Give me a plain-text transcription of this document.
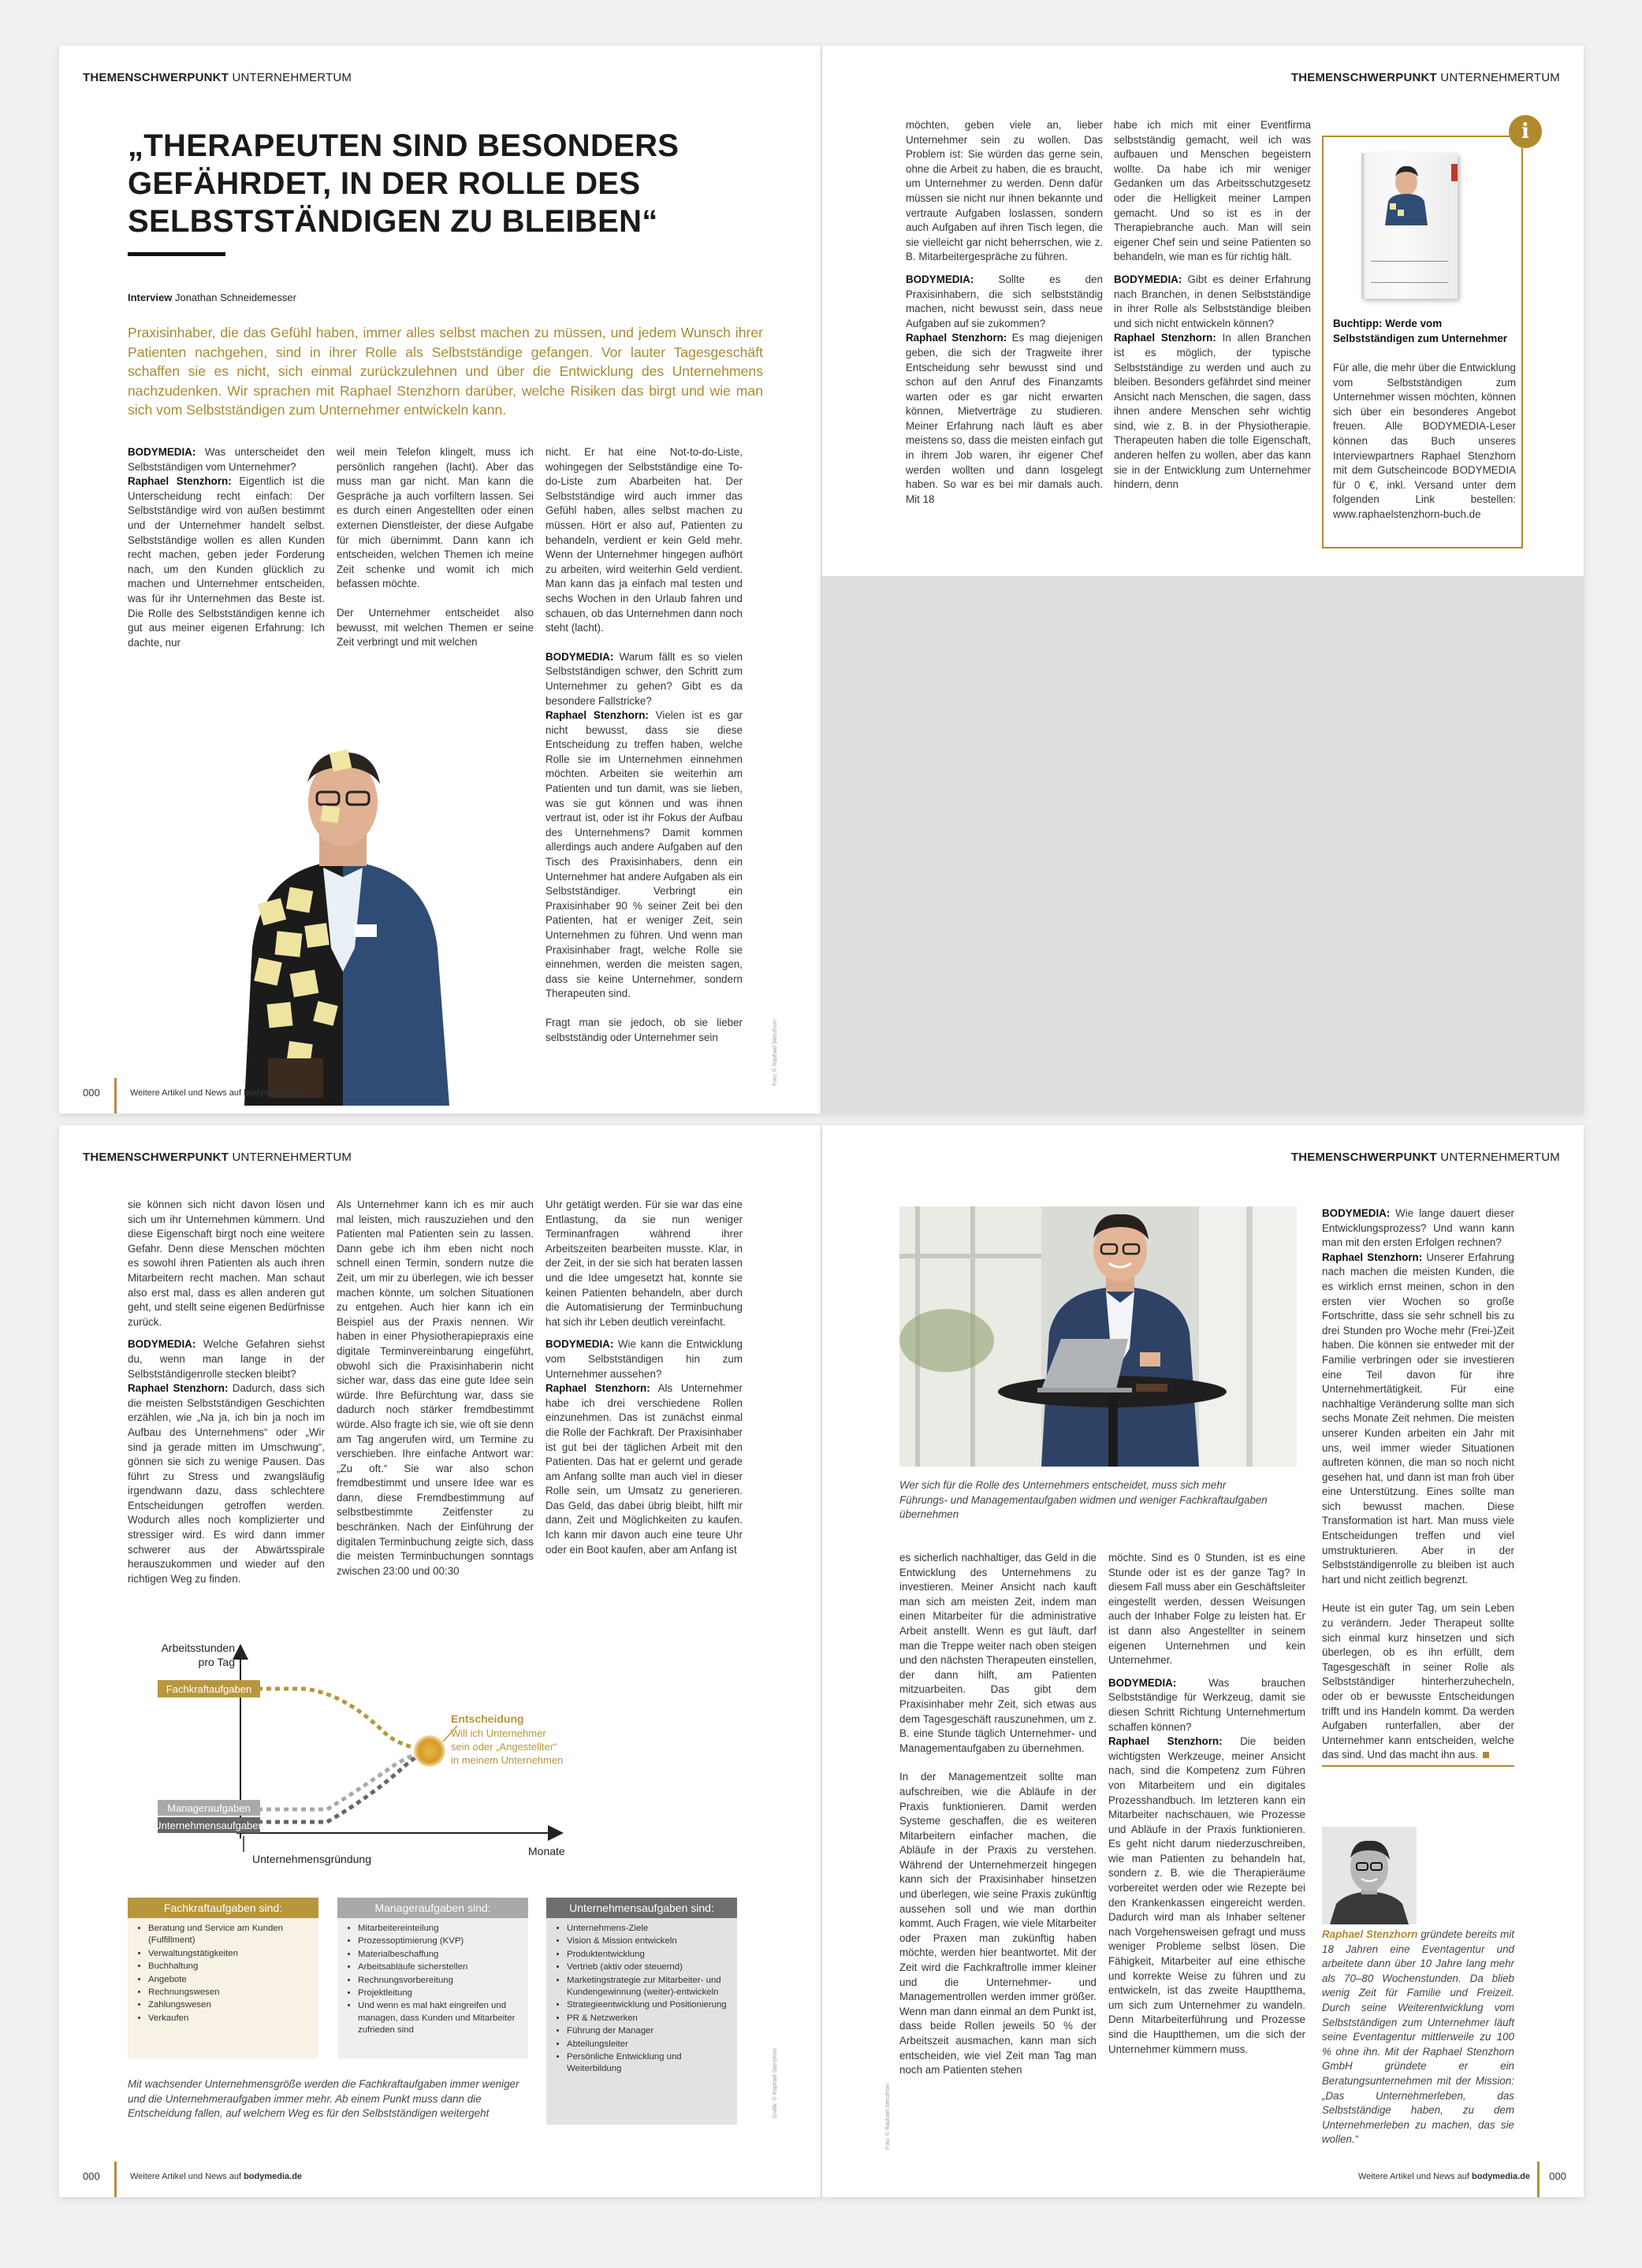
THEMENSCHWERPUNKT UNTERNEHMERTUM
„THERAPEUTEN SIND BESONDERS GEFÄHRDET, IN DER ROLLE DES SELBSTSTÄNDIGEN ZU BLEIBEN“
Interview Jonathan Schneidemesser
Praxisinhaber, die das Gefühl haben, immer alles selbst machen zu müssen, und jedem Wunsch ihrer Patienten nachgehen, sind in ihrer Rolle als Selbstständige gefangen. Vor lauter Tagesgeschäft schaffen sie es nicht, sich einmal zurückzulehnen und über die Entwicklung des Unternehmens nachzudenken. Wir sprachen mit Raphael Stenzhorn darüber, welche Risiken das birgt und wie man sich vom Selbstständigen zum Unternehmer entwickeln kann.

BODYMEDIA: Was unterscheidet den Selbstständigen vom Unternehmer?
Raphael Stenzhorn: Eigentlich ist die Unterscheidung recht einfach: Der Selbstständige wird von außen bestimmt und der Unternehmer handelt selbst. Selbstständige wollen es allen Kunden recht machen, geben jeder Forderung nach, um den Kunden glücklich zu machen und Unternehmer entscheiden, was für ihr Unternehmen das Beste ist. Die Rolle des Selbstständigen kenne ich gut aus meiner eigenen Erfahrung: Ich dachte, nur

weil mein Telefon klingelt, muss ich persönlich rangehen (lacht). Aber das muss man gar nicht. Man kann die Gespräche ja auch vorfiltern lassen. Sei es durch einen Angestellten oder einen externen Dienstleister, der diese Aufgabe für mich übernimmt. Dann kann ich entscheiden, welchen Themen ich meine Zeit schenke und womit ich mich befassen möchte.

Der Unternehmer entscheidet also bewusst, mit welchen Themen er seine Zeit verbringt und mit welchen

nicht. Er hat eine Not-to-do-Liste, wohingegen der Selbstständige eine To-do-Liste zum Abarbeiten hat. Der Selbstständige wird auch immer das Gefühl haben, alles selbst machen zu müssen. Hört er also auf, Patienten zu behandeln, verdient er kein Geld mehr. Wenn der Unternehmer hingegen aufhört zu arbeiten, wird weiterhin Geld verdient. Man kann das ja einfach mal testen und sechs Wochen in den Urlaub fahren und schauen, ob das Unternehmen dann noch steht (lacht).

BODYMEDIA: Warum fällt es so vielen Selbstständigen schwer, den Schritt zum Unternehmer zu gehen? Gibt es da besondere Fallstricke?
Raphael Stenzhorn: Vielen ist es gar nicht bewusst, dass sie diese Entscheidung zu treffen haben, welche Rolle sie im Unternehmen einnehmen möchten. Arbeiten sie weiterhin am Patienten und tun damit, was sie lieben, was sie gut können und was ihnen vertraut ist, oder ist ihr Fokus der Aufbau des Unternehmens? Damit kommen allerdings auch andere Aufgaben auf den Tisch des Praxisinhabers, denn ein Unternehmer hat andere Aufgaben als ein Selbstständiger. Verbringt ein Praxisinhaber 90 % seiner Zeit bei den Patienten, hat er weniger Zeit, sein Unternehmen zu führen. Und wenn man Praxisinhaber fragt, welche Rolle sie einnehmen, werden die meisten sagen, dass sie keine Unternehmer, sondern Therapeuten sind.

Fragt man sie jedoch, ob sie lieber selbstständig oder Unternehmer sein	Foto: © Raphael Stenzhorn
000	Weitere Artikel und News auf bodymedia.de
THEMENSCHWERPUNKT UNTERNEHMERTUM

möchten, geben viele an, lieber Unternehmer sein zu wollen. Das Problem ist: Sie würden das gerne sein, ohne die Arbeit zu haben, die es braucht, um Unternehmer zu werden. Denn dafür müssen sie nicht nur ihnen bekannte und vertraute Aufgaben loslassen, sondern auch Aufgaben auf ihren Tisch legen, die sie vielleicht gar nicht beherrschen, wie z. B. Mitarbeitergespräche zu führen.

BODYMEDIA: Sollte es den Praxisinhabern, die sich selbstständig machen, nicht bewusst sein, dass neue Aufgaben auf sie zukommen?
Raphael Stenzhorn: Es mag diejenigen geben, die sich der Tragweite ihrer Entscheidung sehr bewusst sind und schon auf den Anruf des Finanzamts warten oder es gar nicht erwarten können, Mietverträge zu studieren. Meiner Erfahrung nach läuft es aber meistens so, dass die meisten einfach gut in ihrem Job waren, ihr eigener Chef werden wollten und dann losgelegt haben. So war es bei mir damals auch. Mit 18

habe ich mich mit einer Eventfirma selbstständig gemacht, weil ich was aufbauen und Menschen begeistern wollte. Da habe ich mir weniger Gedanken um das Arbeitsschutzgesetz oder die Helligkeit meiner Lampen gemacht. Und so ist es in der Therapiebranche auch. Man will sein eigener Chef sein und seine Patienten so behandeln, wie man es für richtig hält.

BODYMEDIA: Gibt es deiner Erfahrung nach Branchen, in denen Selbstständige in ihrer Rolle als Selbstständige bleiben und sich nicht entwickeln können?
Raphael Stenzhorn: In allen Branchen ist es möglich, der typische Selbstständige zu werden und auch zu bleiben. Besonders gefährdet sind meiner Ansicht nach Menschen, die sagen, dass ihnen andere Menschen sehr wichtig sind, wie z. B. in der Physiotherapie. Therapeuten haben die tolle Eigenschaft, anderen helfen zu wollen, aber das kann sie in der Entwicklung zum Unternehmer hindern, denn

i
Buchtipp: Werde vom Selbstständigen zum Unternehmer
Für alle, die mehr über die Entwicklung vom Selbstständigen zum Unternehmer wissen möchten, können sich über ein besonderes Angebot freuen. Alle BODYMEDIA-Leser können das Buch unseres Interviewpartners Raphael Stenzhorn mit dem Gutscheincode BODYMEDIA für 0 €, inkl. Versand unter dem folgenden Link bestellen: www.raphaelstenzhorn-buch.de
THEMENSCHWERPUNKT UNTERNEHMERTUM

sie können sich nicht davon lösen und sich um ihr Unternehmen kümmern. Und diese Eigenschaft birgt noch eine weitere Gefahr. Denn diese Menschen möchten es sowohl ihren Patienten als auch ihren Mitarbeitern recht machen. Man schaut also erst mal, dass es allen anderen gut geht, und stellt seine eigenen Bedürfnisse zurück.

BODYMEDIA: Welche Gefahren siehst du, wenn man lange in der Selbstständigenrolle stecken bleibt?
Raphael Stenzhorn: Dadurch, dass sich die meisten Selbstständigen Geschichten erzählen, wie „Na ja, ich bin ja noch im Aufbau des Unternehmens“ oder „Wir sind ja gerade mitten im Umschwung“, gönnen sie sich zu wenige Pausen. Das führt zu Stress und zwangsläufig irgendwann dazu, dass schlechtere Entscheidungen getroffen werden. Wodurch alles noch komplizierter und stressiger wird. Es wird dann immer schwerer aus der Abwärtsspirale herauszukommen und wieder auf den richtigen Weg zu finden.

Als Unternehmer kann ich es mir auch mal leisten, mich rauszuziehen und den Patienten mal Patienten sein zu lassen. Dann gebe ich ihm eben nicht noch schnell einen Termin, sondern nutze die Zeit, um mir zu überlegen, wie ich besser machen könnte, um solchen Situationen zu entgehen. Auch hier kann ich ein Beispiel aus der Praxis nennen. Wir haben in einer Physiotherapiepraxis eine digitale Terminvereinbarung eingeführt, obwohl sich die Praxisinhaberin nicht sicher war, dass das eine gute Idee sein würde. Ihre Befürchtung war, dass sie dadurch noch stärker fremdbestimmt würde. Also fragte ich sie, wie oft sie denn am Tag angerufen wird, um Termine zu verschieben. Ihre einfache Antwort war: „Zu oft.“ Sie war also schon fremdbestimmt und unsere Idee war es dann, diese Fremdbestimmung auf selbstbestimmte Zeitfenster zu beschränken. Nach der Einführung der digitalen Terminbuchung zeigte sich, dass die meisten Terminbuchungen sonntags zwischen 23:00 und 00:30

Uhr getätigt werden. Für sie war das eine Entlastung, da sie nun weniger Terminanfragen während ihrer Arbeitszeiten bearbeiten musste. Klar, in der Zeit, in der sie sich hat beraten lassen und die Idee umgesetzt hat, konnte sie keinen Patienten behandeln, aber durch die Automatisierung der Terminbuchung hat sich ihr Leben deutlich vereinfacht.

BODYMEDIA: Wie kann die Entwicklung vom Selbstständigen hin zum Unternehmer aussehen?
Raphael Stenzhorn: Als Unternehmer habe ich drei verschiedene Rollen einzunehmen. Das ist zunächst einmal die Rolle der Fachkraft. Der Praxisinhaber ist gut bei der täglichen Arbeit mit den Patienten. Das hat er gelernt und gerade am Anfang sollte man auch viel in dieser Rolle sein, um Umsatz zu generieren. Das Geld, das dabei übrig bleibt, hilft mir dann, Zeit und Möglichkeiten zu kaufen. Ich kann mir davon auch eine teure Uhr oder ein Boot kaufen, aber am Anfang ist

Arbeitsstunden pro Tag
Monate
Unternehmensgründung
Fachkraftaufgaben
Manageraufgaben
Unternehmensaufgaben
Entscheidung
Will ich Unternehmer sein oder „Angestellter“ in meinem Unternehmen
Fachkraftaufgaben sind:
• Beratung und Service am Kunden (Fulfillment)
• Verwaltungstätigkeiten
• Buchhaltung
• Angebote
• Rechnungswesen
• Zahlungswesen
• Verkaufen
Manageraufgaben sind:
• Mitarbeitereinteilung
• Prozessoptimierung (KVP)
• Materialbeschaffung
• Arbeitsabläufe sicherstellen
• Rechnungsvorbereitung
• Projektleitung
• Und wenn es mal hakt eingreifen und managen, dass Kunden und Mitarbeiter zufrieden sind
Unternehmensaufgaben sind:
• Unternehmens-Ziele
• Vision & Mission entwickeln
• Produktentwicklung
• Vertrieb (aktiv oder steuernd)
• Marketingstrategie zur Mitarbeiter- und Kundengewinnung (weiter)-entwickeln
• Strategieentwicklung und Positionierung
• PR & Netzwerken
• Führung der Manager
• Abteilungsleiter
• Persönliche Entwicklung und Weiterbildung
Mit wachsender Unternehmensgröße werden die Fachkraftaufgaben immer weniger und die Unternehmeraufgaben immer mehr. Ab einem Punkt muss dann die Entscheidung fallen, auf welchem Weg es für den Selbstständigen weitergeht	Grafik: © Raphael Stenzhorn
000	Weitere Artikel und News auf bodymedia.de
THEMENSCHWERPUNKT UNTERNEHMERTUM
Wer sich für die Rolle des Unternehmers entscheidet, muss sich mehr Führungs- und Managementaufgaben widmen und weniger Fachkraftaufgaben übernehmen

es sicherlich nachhaltiger, das Geld in die Entwicklung des Unternehmens zu investieren. Meiner Ansicht nach kauft man sich am meisten Zeit, indem man einen Mitarbeiter für die administrative Arbeit anstellt. Wenn es gut läuft, darf man die Treppe weiter nach oben steigen und den nächsten Therapeuten einstellen, der dann hilft, am Patienten mitzuarbeiten. Das gibt dem Praxisinhaber mehr Zeit, sich etwas aus dem Tagesgeschäft rauszunehmen, um z. B. eine Stunde täglich Unternehmer- und Managementaufgaben zu übernehmen.

In der Managementzeit sollte man aufschreiben, wie die Abläufe in der Praxis funktionieren. Damit werden Systeme geschaffen, die es weiteren Mitarbeitern einfacher machen, die Abläufe in der Praxis zu verstehen. Während der Unternehmerzeit hingegen kann sich der Praxisinhaber hinsetzen und überlegen, wie seine Praxis zukünftig aussehen soll und wie man dorthin kommt. Auch Fragen, wie viele Mitarbeiter oder Praxen man zukünftig haben möchte, werden hier beantwortet. Mit der Zeit wird die Fachkraftrolle immer kleiner und die Unternehmer- und Managementrollen werden immer größer. Wenn man dann einmal an dem Punkt ist, dass beide Rollen jeweils 50 % der Arbeitszeit ausmachen, kann man sich entscheiden, wie viel Zeit man Tag man noch am Patienten stehen

möchte. Sind es 0 Stunden, ist es eine Stunde oder ist es der ganze Tag? In diesem Fall muss aber ein Geschäftsleiter eingestellt werden, dessen Weisungen auch der Inhaber Folge zu leisten hat. Er ist dann also Angestellter in seinem eigenen Unternehmen und kein Unternehmer.

BODYMEDIA: Was brauchen Selbstständige für Werkzeug, damit sie diesen Schritt Richtung Unternehmertum schaffen können?
Raphael Stenzhorn: Die beiden wichtigsten Werkzeuge, meiner Ansicht nach, sind die Kompetenz zum Führen von Mitarbeitern und ein digitales Prozesshandbuch. Im letzteren kann ein Mitarbeiter nachschauen, wie Prozesse und Abläufe in der Praxis funktionieren. Es geht nicht darum niederzuschreiben, wie man Patienten zu behandeln hat, sondern z. B. wie die Therapieräume vorbereitet werden oder wie Rezepte bei den Krankenkassen eingereicht werden. Dadurch wird man als Inhaber seltener nach Vorgehensweisen gefragt und muss weniger Probleme selbst lösen. Die Fähigkeit, Mitarbeiter auf eine ethische und korrekte Weise zu führen und zu entwickeln, ist das zweite Hauptthema, um sich zum Unternehmer zu wandeln. Denn Mitarbeiterführung und Prozesse sind die Hauptthemen, um die sich der Unternehmer kümmern muss.

BODYMEDIA: Wie lange dauert dieser Entwicklungsprozess? Und wann kann man mit den ersten Erfolgen rechnen?
Raphael Stenzhorn: Unserer Erfahrung nach machen die meisten Kunden, die es wirklich ernst meinen, schon in den ersten vier Wochen so große Fortschritte, dass sie sehr schnell bis zu drei Stunden pro Woche mehr (Frei-)Zeit haben. Die können sie entweder mit der Familie verbringen oder sie investieren eine Teil davon für ihre Unternehmertätigkeit. Für eine nachhaltige Veränderung sollte man sich sechs Monate Zeit nehmen. Die meisten unserer Kunden arbeiten ein Jahr mit uns, weil immer wieder Situationen auftreten können, die man so noch nicht gesehen hat, und dann ist man froh über eine Unterstützung. Eines sollte man sich bewusst machen. Diese Transformation ist hart. Man muss viele Entscheidungen treffen und viel umstrukturieren. Aber in der Selbstständigenrolle zu bleiben ist auch hart und nicht zeitlich begrenzt.

Heute ist ein guter Tag, um sein Leben zu verändern. Jeder Therapeut sollte sich einmal kurz hinsetzen und sich überlegen, ob es ihn erfüllt, dem Tagesgeschäft in seiner Rolle als Selbstständiger hinterherzuhecheln, oder ob er bewusste Entscheidungen trifft und ins Handeln kommt. Da werden Aufgaben runterfallen, aber der Unternehmer kann entscheiden, welche das sind. Und das macht ihn aus.

Raphael Stenzhorn gründete bereits mit 18 Jahren eine Eventagentur und arbeitete dann über 10 Jahre lang mehr als 70–80 Wochenstunden. Da blieb wenig Zeit für Familie und Freizeit. Durch seine Weiterentwicklung vom Selbstständigen zum Unternehmer läuft seine Eventagentur mittlerweile zu 100 % ohne ihn. Mit der Raphael Stenzhorn GmbH gründete er ein Beratungsunternehmen mit der Mission: „Das Unternehmerleben, das Selbstständige haben, zu dem Unternehmerleben zu machen, das sie wollen.“
Foto: © Raphael Stenzhorn
Weitere Artikel und News auf bodymedia.de 000
